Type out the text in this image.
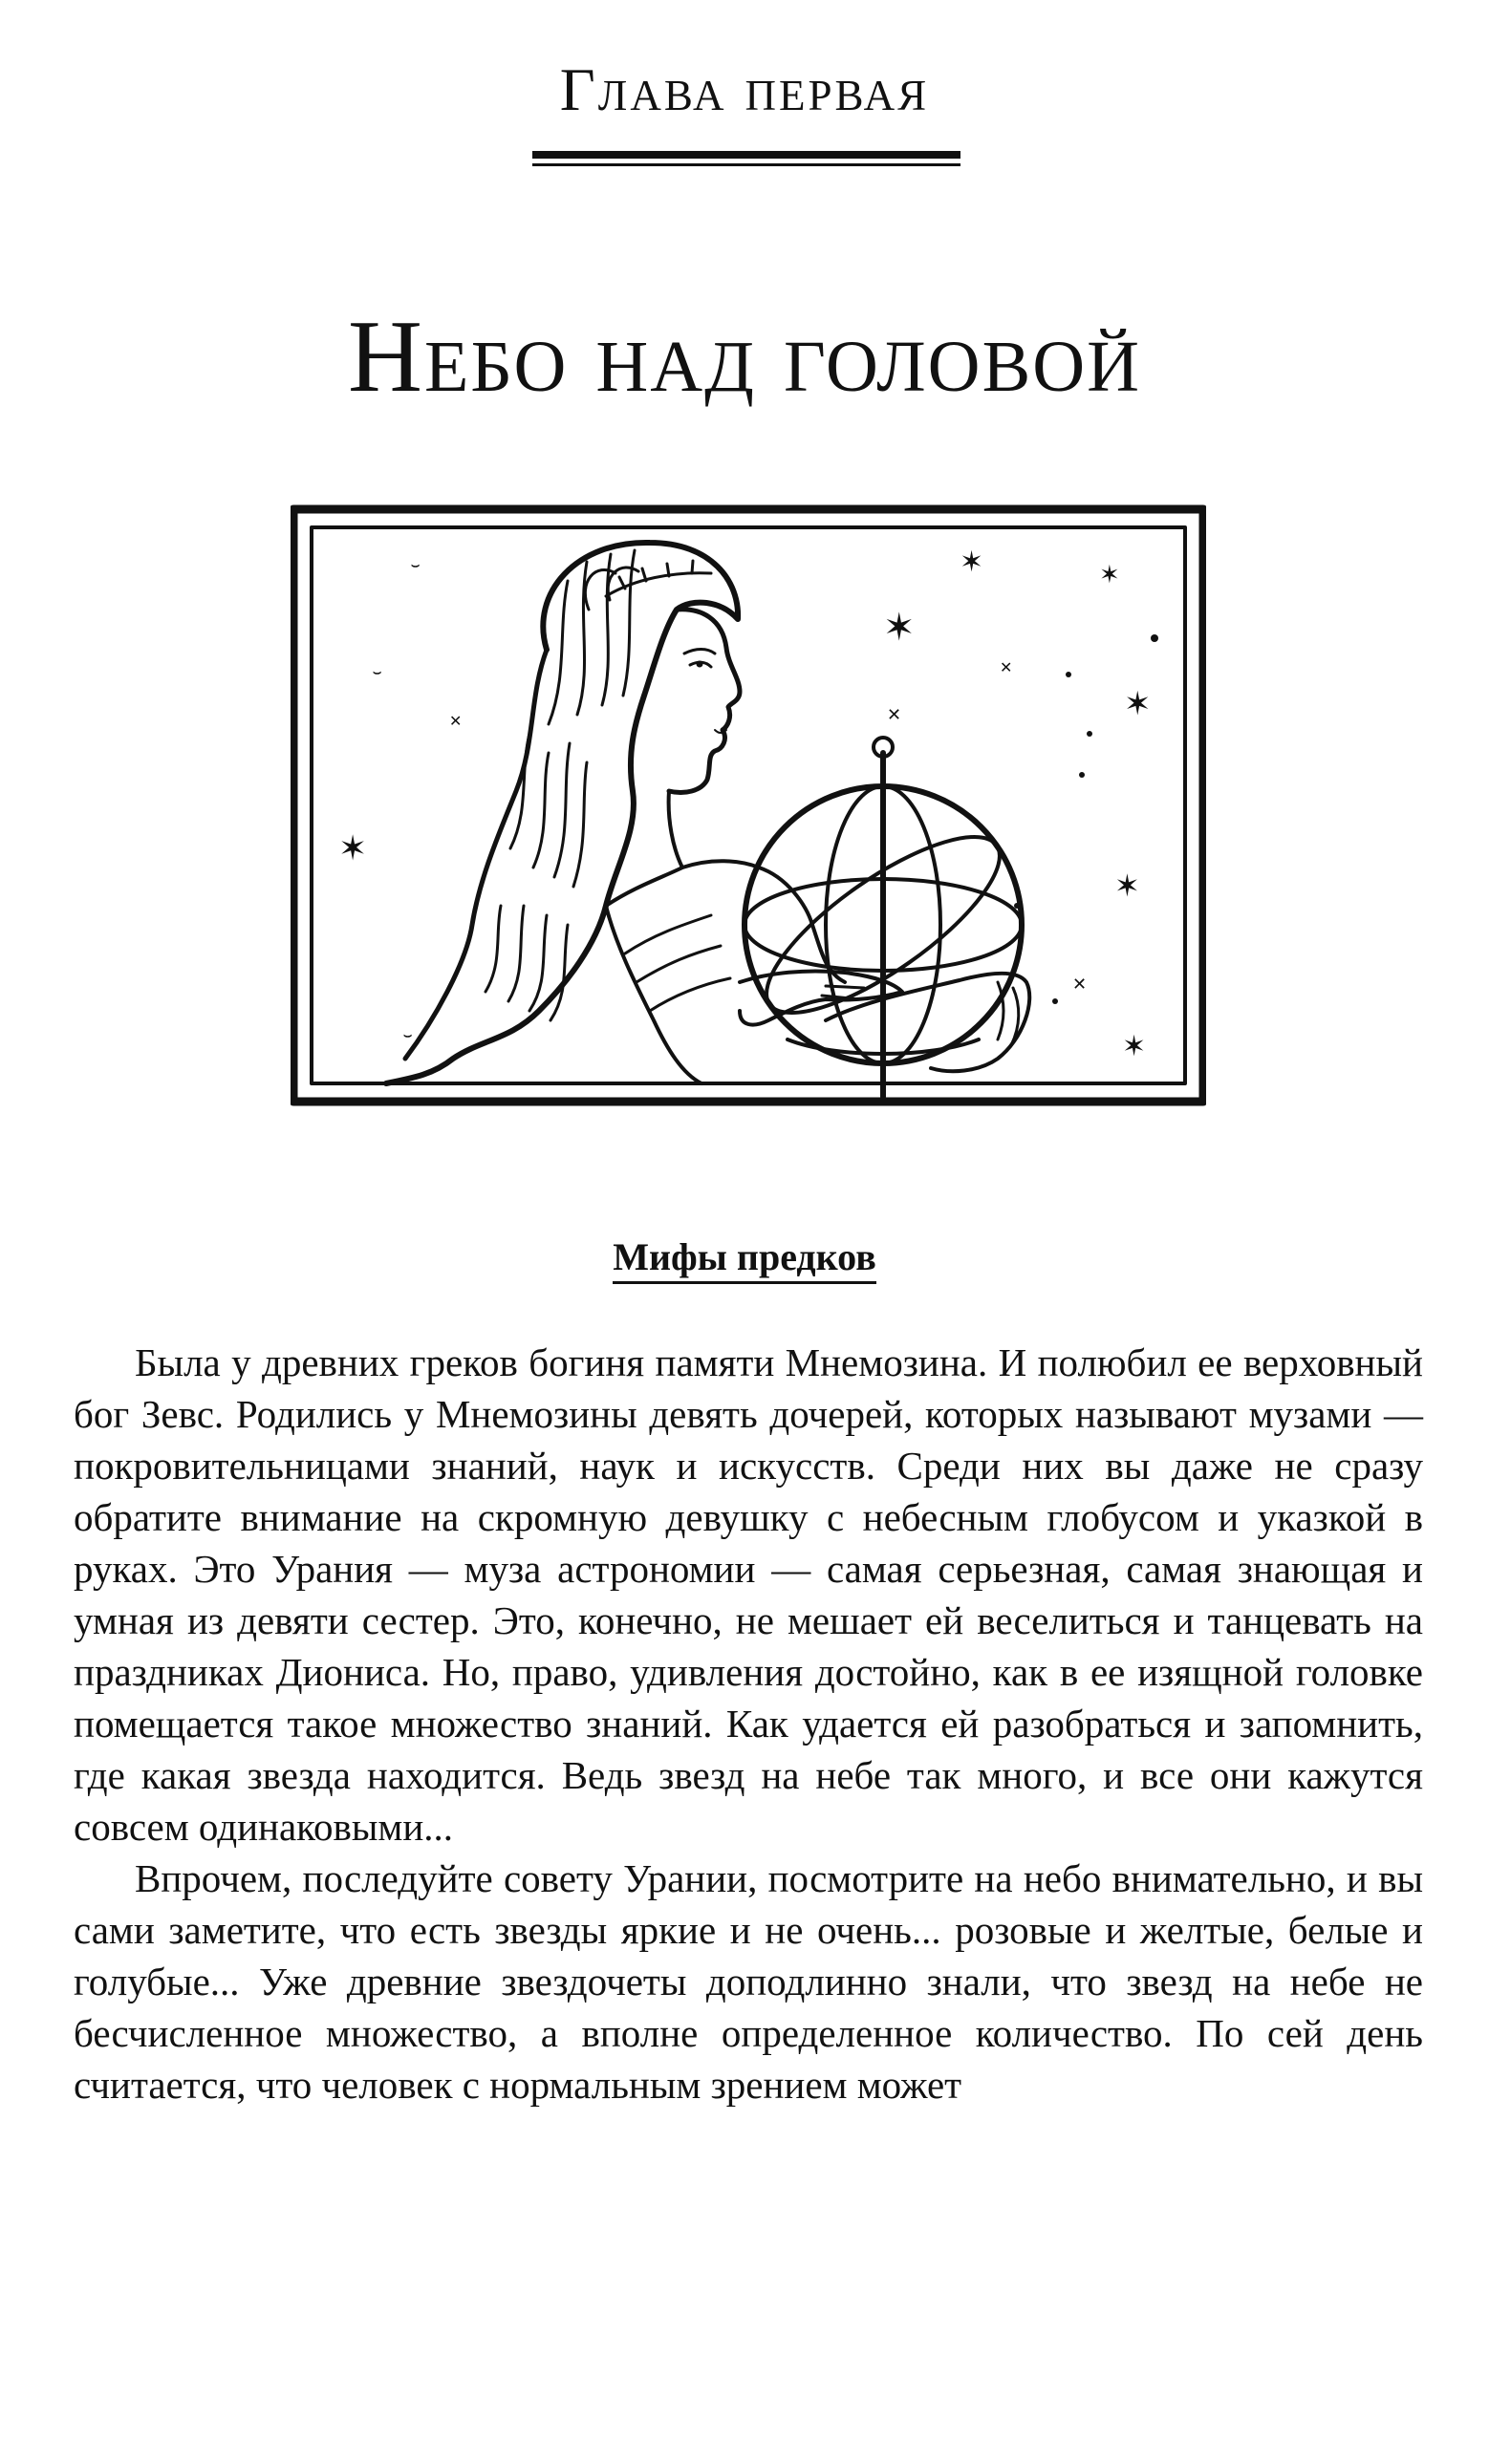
Глава первая
Небо над головой
✶
✶	✶
✶
✶
✶
✕
✕
✕
✕
✶
⌣
⌣
⌣
Мифы предков

Была у древних греков богиня памяти Мнемозина. И полюбил ее верховный бог Зевс. Родились у Мнемозины девять дочерей, которых называют музами — покровительницами знаний, наук и искусств. Среди них вы даже не сразу обратите внимание на скромную девушку с небесным глобусом и указкой в руках. Это Урания — муза астрономии — самая серьезная, самая знающая и умная из девяти сестер. Это, конечно, не мешает ей веселиться и танцевать на праздниках Диониса. Но, право, удивления достойно, как в ее изящной головке помещается такое множество знаний. Как удается ей разобраться и запомнить, где какая звезда находится. Ведь звезд на небе так много, и все они кажутся совсем одинаковыми...

Впрочем, последуйте совету Урании, посмотрите на небо внимательно, и вы сами заметите, что есть звезды яркие и не очень... розовые и желтые, белые и голубые... Уже древние звездочеты доподлинно знали, что звезд на небе не бесчисленное множество, а вполне определенное количество. По сей день считается, что человек с нормальным зрением может
